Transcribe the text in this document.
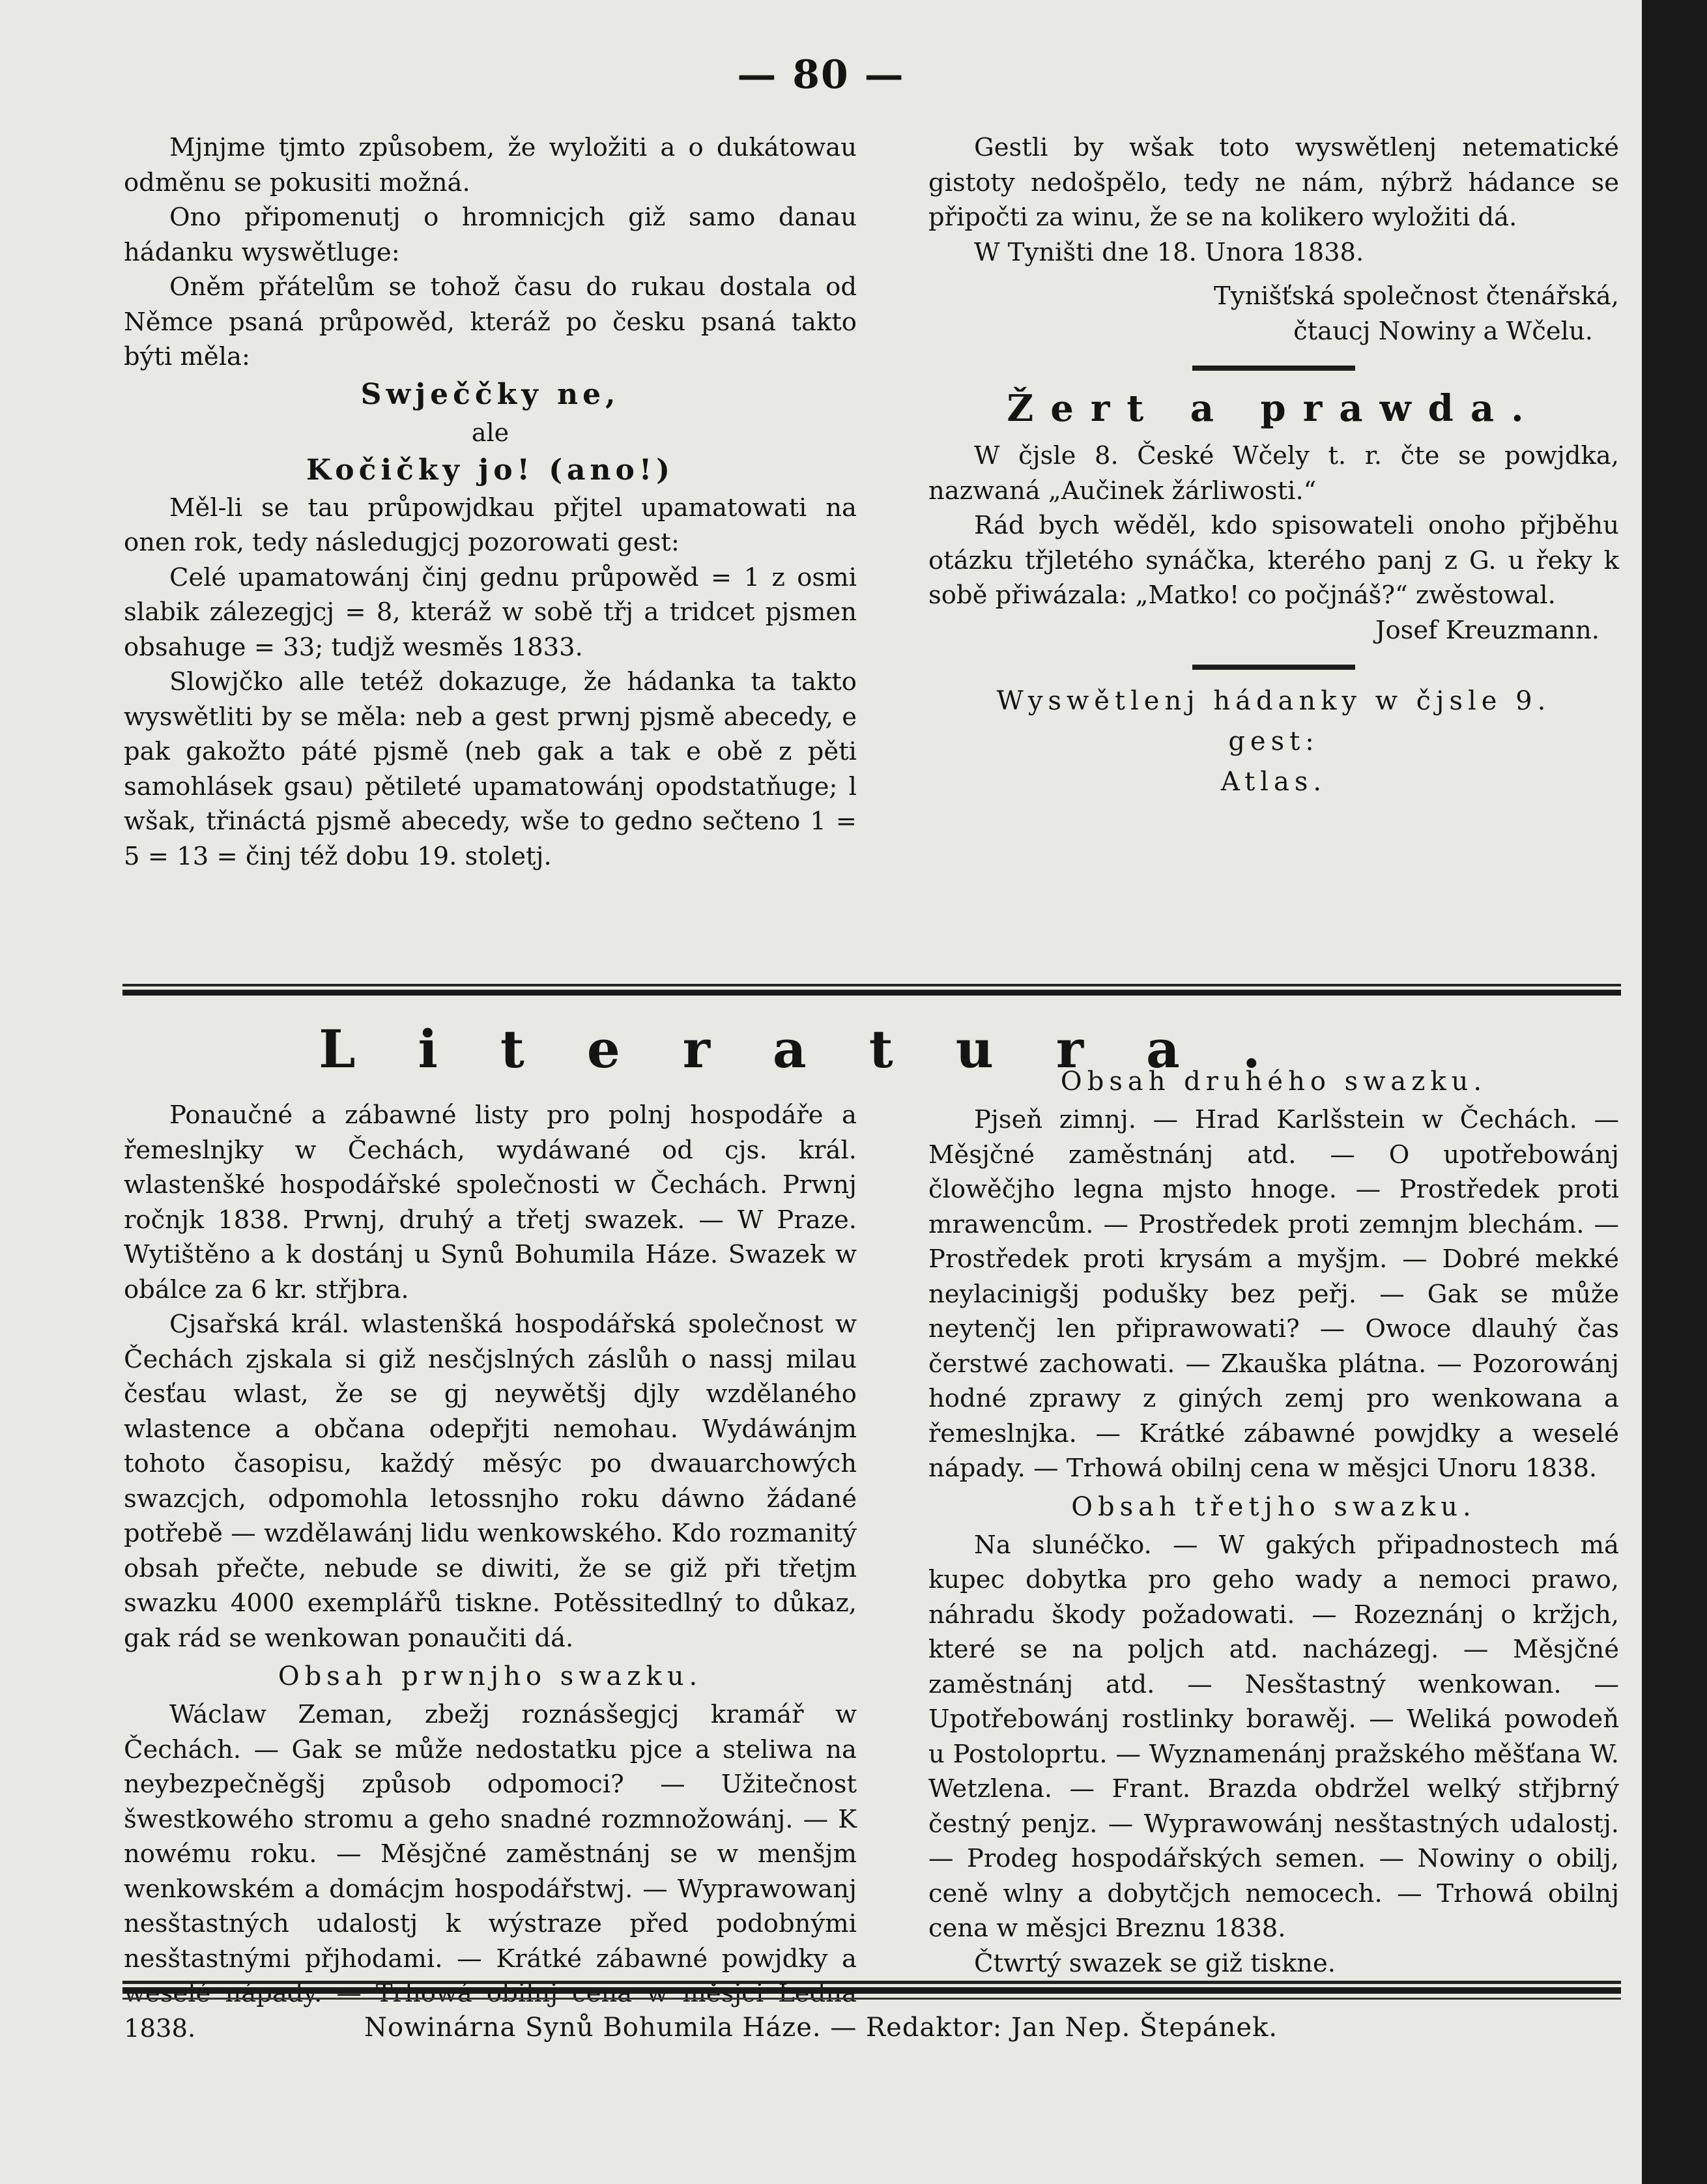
— 80 —

Mjnjme tjmto způsobem, že wyložiti a o dukátowau odměnu se pokusiti možná.

Ono připomenutj o hromnicjch giž samo danau hádanku wyswětluge:

Oněm přátelům se tohož času do rukau dostala od Němce psaná průpowěd, kteráž po česku psaná takto býti měla:

Swječčky ne,
ale
Kočičky jo! (ano!)

Měl-li se tau průpowjdkau přjtel upamatowati na onen rok, tedy následugjcj pozorowati gest:

Celé upamatowánj činj gednu průpowěd = 1 z osmi slabik zálezegjcj = 8, kteráž w sobě třj a tridcet pjsmen obsahuge = 33; tudjž wesměs 1833.

Slowjčko alle tetéž dokazuge, že hádanka ta takto wyswětliti by se měla: neb a gest prwnj pjsmě abecedy, e pak gakožto páté pjsmě (neb gak a tak e obě z pěti samohlásek gsau) pětileté upamatowánj opodstatňuge; l wšak, třináctá pjsmě abecedy, wše to gedno sečteno 1 = 5 = 13 = činj též dobu 19. stoletj.

Gestli by wšak toto wyswětlenj netematické gistoty nedošpělo, tedy ne nám, nýbrž hádance se připočti za winu, že se na kolikero wyložiti dá.

W Tyništi dne 18. Unora 1838.

Tynišťská společnost čtenářská,

čtaucj Nowiny a Wčelu.

Žert a prawda.

W čjsle 8. České Wčely t. r. čte se powjdka, nazwaná „Aučinek žárliwosti.“

Rád bych wěděl, kdo spisowateli onoho přjběhu otázku třjletého synáčka, kterého panj z G. u řeky k sobě přiwázala: „Matko! co počjnáš?“ zwěstowal.

Josef Kreuzmann.

Wyswětlenj hádanky w čjsle 9.
gest:
Atlas.
Literatura.

Ponaučné a zábawné listy pro polnj hospodáře a řemeslnjky w Čechách, wydáwané od cjs. král. wlastenšké hospodářské společnosti w Čechách. Prwnj ročnjk 1838. Prwnj, druhý a třetj swazek. — W Praze. Wytištěno a k dostánj u Synů Bohumila Háze. Swazek w obálce za 6 kr. střjbra.

Cjsařská král. wlastenšká hospodářská společnost w Čechách zjskala si giž nesčjslných záslůh o nassj milau česťau wlast, že se gj neywětšj djly wzdělaného wlastence a občana odepřjti nemohau. Wydáwánjm tohoto časopisu, každý měsýc po dwauarchowých swazcjch, odpomohla letossnjho roku dáwno žádané potřebě — wzdělawánj lidu wenkowského. Kdo rozmanitý obsah přečte, nebude se diwiti, že se giž při třetjm swazku 4000 exemplářů tiskne. Potěssitedlný to důkaz, gak rád se wenkowan ponaučiti dá.

Obsah prwnjho swazku.

Wáclaw Zeman, zbežj roznásšegjcj kramář w Čechách. — Gak se může nedostatku pjce a steliwa na neybezpečněgšj způsob odpomoci? — Užitečnost šwestkowého stromu a geho snadné rozmnožowánj. — K nowému roku. — Měsjčné zaměstnánj se w menšjm wenkowském a domácjm hospodářstwj. — Wyprawowanj nesštastných udalostj k wýstraze před podobnými nesštastnými přjhodami. — Krátké zábawné powjdky a 1838.

Obsah druhého swazku.

Pjseň zimnj. — Hrad Karlšstein w Čechách. — Měsjčné zaměstnánj atd. — O upotřebowánj člowěčjho legna mjsto hnoge. — Prostředek proti mrawencům. — Prostředek proti zemnjm blechám. — Prostředek proti krysám a myšjm. — Dobré mekké neylacinigšj podušky bez peřj. — Gak se může neytenčj len připrawowati? — Owoce dlauhý čas čerstwé zachowati. — Zkauška plátna. — Pozorowánj hodné zprawy z giných zemj pro wenkowana a řemeslnjka. — Krátké zábawné powjdky a weselé nápady. — Trhowá obilnj cena w měsjci Unoru 1838.

Obsah třetjho swazku.

Na slunéčko. — W gakých připadnostech má kupec dobytka pro geho wady a nemoci prawo, náhradu škody požadowati. — Rozeznánj o kržjch, které se na poljch atd. nacházegj. — Měsjčné zaměstnánj atd. — Nesštastný wenkowan. — Upotřebowánj rostlinky borawěj. — Weliká powodeň u Postoloprtu. — Wyznamenánj pražského měšťana W. Wetzlena. — Frant. Brazda obdržel welký střjbrný čestný penjz. — Wyprawowánj nesštastných udalostj. — Prodeg hospodářských semen. — Nowiny o obilj, ceně wlny a dobytčjch nemocech. — Trhowá obilnj cena w měsjci Breznu 1838.

Čtwrtý swazek se giž tiskne.

Nowinárna Synů Bohumila Háze. — Redaktor: Jan Nep. Štepánek.
